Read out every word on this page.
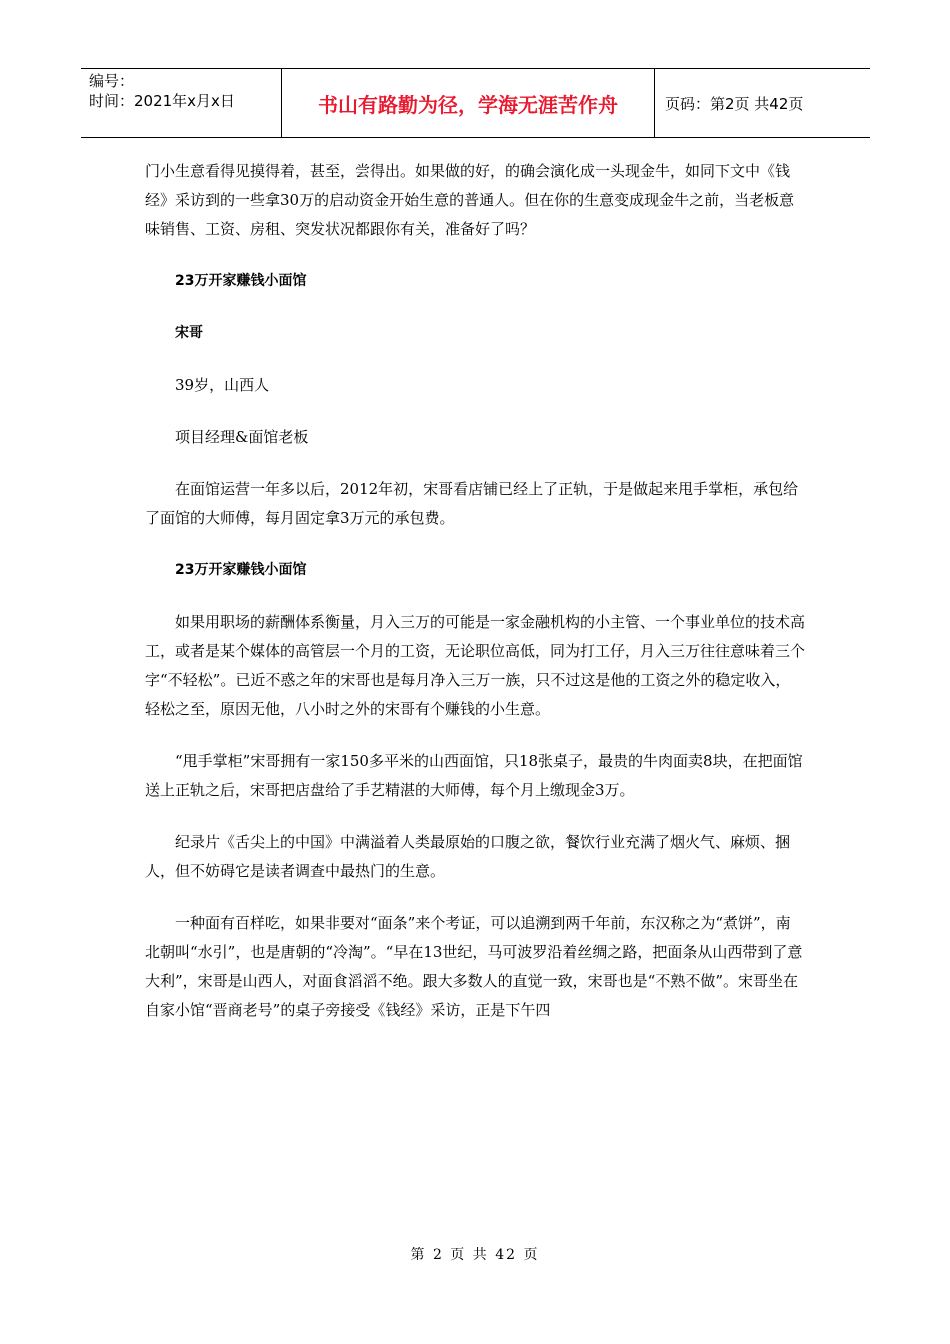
编号：
时间：2021年x月x日	书山有路勤为径，学海无涯苦作舟	页码：第2页 共42页

门小生意看得见摸得着，甚至，尝得出。如果做的好，的确会演化成一头现金牛，如同下文中《钱经》采访到的一些拿30万的启动资金开始生意的普通人。但在你的生意变成现金牛之前，当老板意味销售、工资、房租、突发状况都跟你有关，准备好了吗？

23万开家赚钱小面馆

宋哥

39岁，山西人

项目经理&面馆老板

在面馆运营一年多以后，2012年初，宋哥看店铺已经上了正轨，于是做起来甩手掌柜，承包给了面馆的大师傅，每月固定拿3万元的承包费。

23万开家赚钱小面馆

如果用职场的薪酬体系衡量，月入三万的可能是一家金融机构的小主管、一个事业单位的技术高工，或者是某个媒体的高管层一个月的工资，无论职位高低，同为打工仔，月入三万往往意味着三个字“不轻松”。已近不惑之年的宋哥也是每月净入三万一族，只不过这是他的工资之外的稳定收入，轻松之至，原因无他，八小时之外的宋哥有个赚钱的小生意。

“甩手掌柜”宋哥拥有一家150多平米的山西面馆，只18张桌子，最贵的牛肉面卖8块，在把面馆送上正轨之后，宋哥把店盘给了手艺精湛的大师傅，每个月上缴现金3万。

纪录片《舌尖上的中国》中满溢着人类最原始的口腹之欲，餐饮行业充满了烟火气、麻烦、捆人，但不妨碍它是读者调查中最热门的生意。

一种面有百样吃，如果非要对“面条”来个考证，可以追溯到两千年前，东汉称之为“煮饼”，南北朝叫“水引”，也是唐朝的“冷淘”。“早在13世纪，马可波罗沿着丝绸之路，把面条从山西带到了意大利”，宋哥是山西人，对面食滔滔不绝。跟大多数人的直觉一致，宋哥也是“不熟不做”。宋哥坐在自家小馆“晋商老号”的桌子旁接受《钱经》采访，正是下午四

第 2 页 共 42 页
